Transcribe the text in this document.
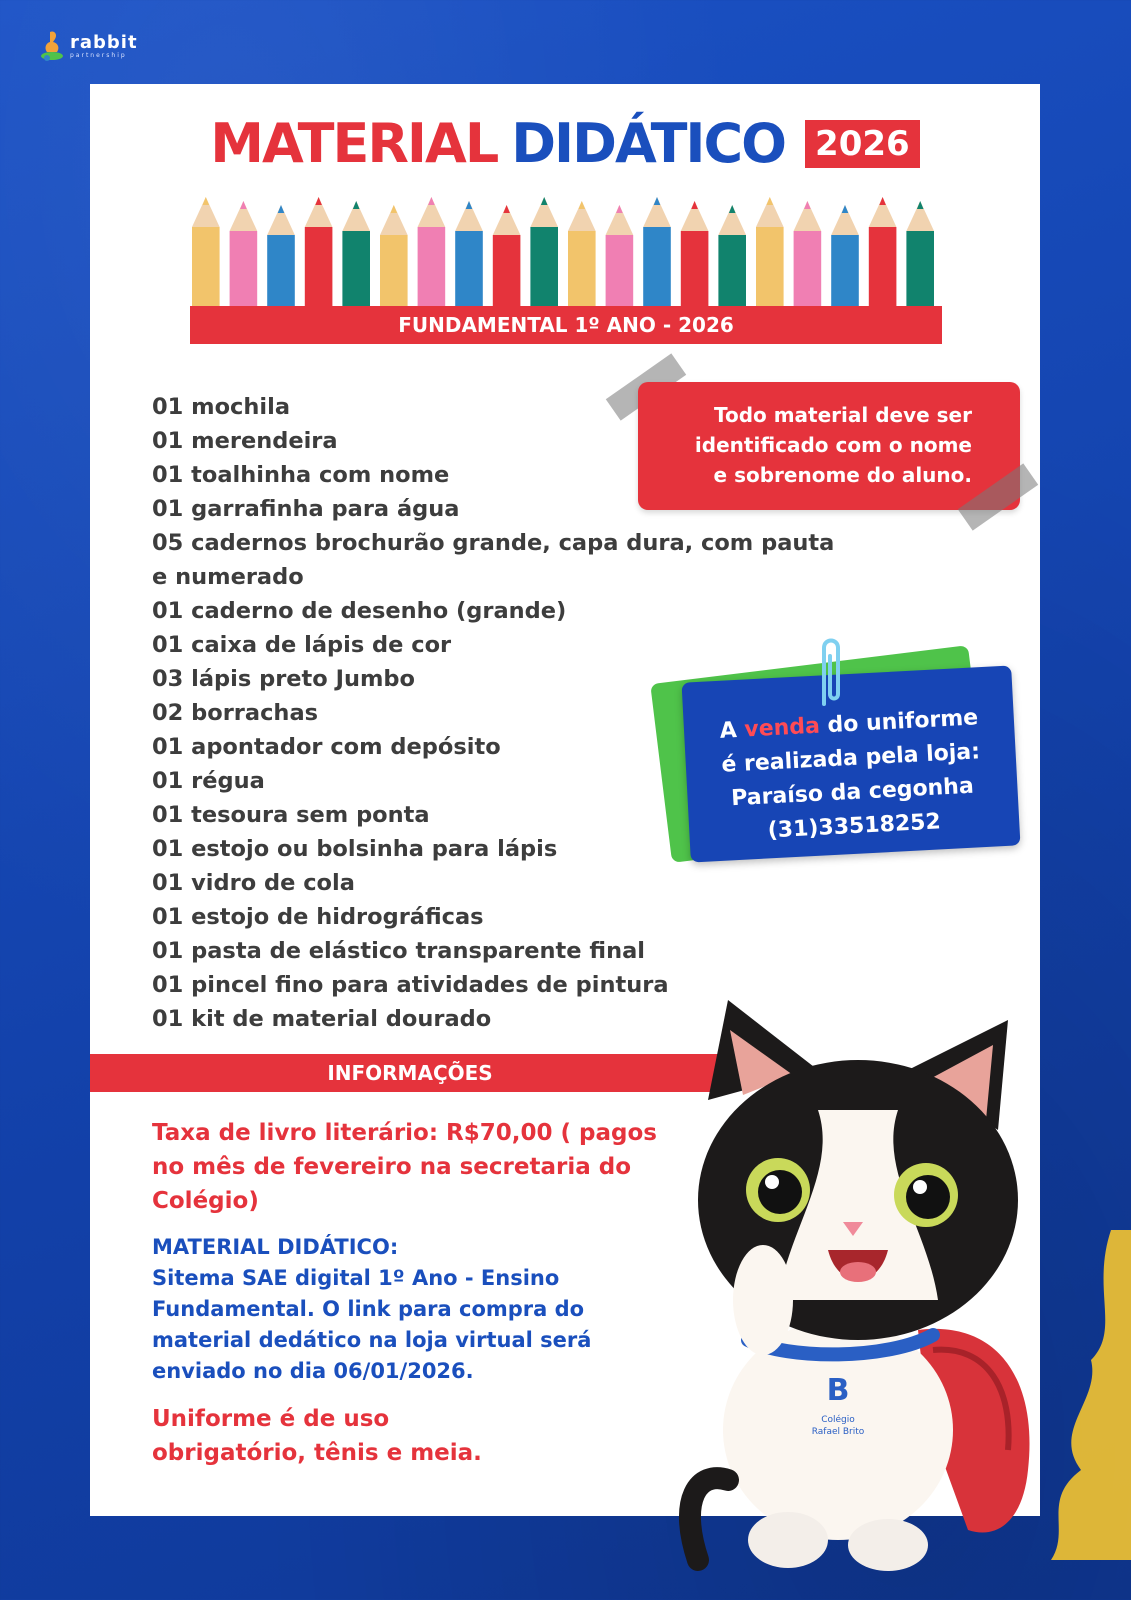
rabbit
partnership
MATERIAL DIDÁTICO 2026
FUNDAMENTAL 1º ANO - 2026
01 mochila
01 merendeira
01 toalhinha com nome
01 garrafinha para água
05 cadernos brochurão grande, capa dura, com pauta
e numerado
01 caderno de desenho (grande)
01 caixa de lápis de cor
03 lápis preto Jumbo
02 borrachas
01 apontador com depósito
01 régua
01 tesoura sem ponta
01 estojo ou bolsinha para lápis
01 vidro de cola
01 estojo de hidrográficas
01 pasta de elástico transparente final
01 pincel fino para atividades de pintura
01 kit de material dourado
Todo material deve ser
identificado com o nome
e sobrenome do aluno.
A venda do uniforme
é realizada pela loja:
Paraíso da cegonha
(31)33518252
INFORMAÇÕES
Taxa de livro literário: R$70,00 ( pagos
no mês de fevereiro na secretaria do
Colégio)
MATERIAL DIDÁTICO:
Sitema SAE digital 1º Ano - Ensino
Fundamental. O link para compra do
material dedático na loja virtual será
enviado no dia 06/01/2026.
Uniforme é de uso
obrigatório, tênis e meia.
B
Colégio
Rafael Brito
